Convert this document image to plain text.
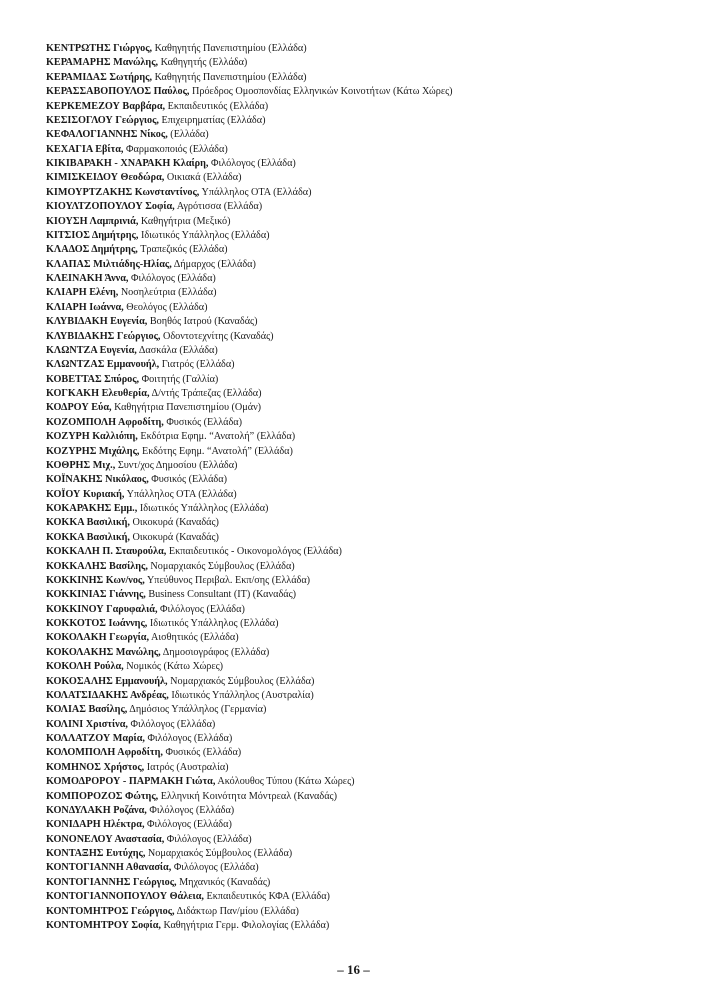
ΚΕΝΤΡΩΤΗΣ Γιώργος, Καθηγητής Πανεπιστημίου (Ελλάδα)
ΚΕΡΑΜΑΡΗΣ Μανώλης, Καθηγητής (Ελλάδα)
ΚΕΡΑΜΙΔΑΣ Σωτήρης, Καθηγητής Πανεπιστημίου (Ελλάδα)
ΚΕΡΑΣΣΑΒΟΠΟΥΛΟΣ Παύλος, Πρόεδρος Ομοσπονδίας Ελληνικών Κοινοτήτων (Κάτω Χώρες)
ΚΕΡΚΕΜΕΖΟΥ Βαρβάρα, Εκπαιδευτικός (Ελλάδα)
ΚΕΣΙΣΟΓΛΟΥ Γεώργιος, Επιχειρηματίας (Ελλάδα)
ΚΕΦΑΛΟΓΙΑΝΝΗΣ Νίκος, (Ελλάδα)
ΚΕΧΑΓΙΑ Εβίτα, Φαρμακοποιός (Ελλάδα)
ΚΙΚΙΒΑΡΑΚΗ - ΧΝΑΡΑΚΗ Κλαίρη, Φιλόλογος (Ελλάδα)
ΚΙΜΙΣΚΕΙΔΟΥ Θεοδώρα, Οικιακά (Ελλάδα)
ΚΙΜΟΥΡΤΖΑΚΗΣ Κωνσταντίνος, Υπάλληλος ΟΤΑ (Ελλάδα)
ΚΙΟΥΛΤΖΟΠΟΥΛΟΥ Σοφία, Αγρότισσα (Ελλάδα)
ΚΙΟΥΣΗ Λαμπρινιά, Καθηγήτρια (Μεξικό)
ΚΙΤΣΙΟΣ Δημήτρης, Ιδιωτικός Υπάλληλος (Ελλάδα)
ΚΛΑΔΟΣ Δημήτρης, Τραπεζικός (Ελλάδα)
ΚΛΑΠΑΣ Μιλτιάδης-Ηλίας, Δήμαρχος (Ελλάδα)
ΚΛΕΙΝΑΚΗ Άννα, Φιλόλογος (Ελλάδα)
ΚΛΙΑΡΗ Ελένη, Νοσηλεύτρια (Ελλάδα)
ΚΛΙΑΡΗ Ιωάννα, Θεολόγος (Ελλάδα)
ΚΛΥΒΙΔΑΚΗ Ευγενία, Βοηθός Ιατρού (Καναδάς)
ΚΛΥΒΙΔΑΚΗΣ Γεώργιος, Οδοντοτεχνίτης (Καναδάς)
ΚΛΩΝΤΖΑ Ευγενία, Δασκάλα (Ελλάδα)
ΚΛΩΝΤΖΑΣ Εμμανουήλ, Γιατρός (Ελλάδα)
ΚΟΒΕΤΤΑΣ Σπύρος, Φοιτητής (Γαλλία)
ΚΟΓΚΑΚΗ Ελευθερία, Δ/ντής Τράπεζας (Ελλάδα)
ΚΟΔΡΟΥ Εύα, Καθηγήτρια Πανεπιστημίου (Ομάν)
ΚΟΖΟΜΠΟΛΗ Αφροδίτη, Φυσικός (Ελλάδα)
ΚΟΖΥΡΗ Καλλιόπη, Εκδότρια Εφημ. “Ανατολή” (Ελλάδα)
ΚΟΖΥΡΗΣ Μιχάλης, Εκδότης Εφημ. “Ανατολή” (Ελλάδα)
ΚΟΘΡΗΣ Μιχ., Συντ/χος Δημοσίου (Ελλάδα)
ΚΟΪΝΑΚΗΣ Νικόλαος, Φυσικός (Ελλάδα)
ΚΟΪΟΥ Κυριακή, Υπάλληλος ΟΤΑ (Ελλάδα)
ΚΟΚΑΡΑΚΗΣ Εμμ., Ιδιωτικός Υπάλληλος (Ελλάδα)
ΚΟΚΚΑ Βασιλική, Οικοκυρά (Καναδάς)
ΚΟΚΚΑ Βασιλική, Οικοκυρά (Καναδάς)
ΚΟΚΚΑΛΗ Π. Σταυρούλα, Εκπαιδευτικός - Οικονομολόγος (Ελλάδα)
ΚΟΚΚΑΛΗΣ Βασίλης, Νομαρχιακός Σύμβουλος (Ελλάδα)
ΚΟΚΚΙΝΗΣ Κων/νος, Υπεύθυνος Περιβαλ. Εκπ/σης (Ελλάδα)
ΚΟΚΚΙΝΙΑΣ Γιάννης, Business Consultant (IT) (Καναδάς)
ΚΟΚΚΙΝΟΥ Γαρυφαλιά, Φιλόλογος (Ελλάδα)
ΚΟΚΚΟΤΟΣ Ιωάννης, Ιδιωτικός Υπάλληλος (Ελλάδα)
ΚΟΚΟΛΑΚΗ Γεωργία, Αισθητικός (Ελλάδα)
ΚΟΚΟΛΑΚΗΣ Μανώλης, Δημοσιογράφος (Ελλάδα)
ΚΟΚΟΛΗ Ρούλα, Νομικός (Κάτω Χώρες)
ΚΟΚΟΣΑΛΗΣ Εμμανουήλ, Νομαρχιακός Σύμβουλος (Ελλάδα)
ΚΟΛΑΤΣΙΔΑΚΗΣ Ανδρέας, Ιδιωτικός Υπάλληλος (Αυστραλία)
ΚΟΛΙΑΣ Βασίλης, Δημόσιος Υπάλληλος (Γερμανία)
ΚΟΛΙΝΙ Χριστίνα, Φιλόλογος (Ελλάδα)
ΚΟΛΛΑΤΖΟΥ Μαρία, Φιλόλογος (Ελλάδα)
ΚΟΛΟΜΠΟΛΗ Αφροδίτη, Φυσικός (Ελλάδα)
ΚΟΜΗΝΟΣ Χρήστος, Ιατρός (Αυστραλία)
ΚΟΜΟΔΡΟΡΟΥ - ΠΑΡΜΑΚΗ Γιώτα, Ακόλουθος Τύπου (Κάτω Χώρες)
ΚΟΜΠΟΡΟΖΟΣ Φώτης, Ελληνική Κοινότητα Μόντρεαλ (Καναδάς)
ΚΟΝΔΥΛΑΚΗ Ροζάνα, Φιλόλογος (Ελλάδα)
ΚΟΝΙΔΑΡΗ Ηλέκτρα, Φιλόλογος (Ελλάδα)
ΚΟΝΟΝΕΛΟΥ Αναστασία, Φιλόλογος (Ελλάδα)
ΚΟΝΤΑΞΗΣ Ευτύχης, Νομαρχιακός Σύμβουλος (Ελλάδα)
ΚΟΝΤΟΓΙΑΝΝΗ Αθανασία, Φιλόλογος (Ελλάδα)
ΚΟΝΤΟΓΙΑΝΝΗΣ Γεώργιος, Μηχανικός (Καναδάς)
ΚΟΝΤΟΓΙΑΝΝΟΠΟΥΛΟΥ Θάλεια, Εκπαιδευτικός ΚΦΑ (Ελλάδα)
ΚΟΝΤΟΜΗΤΡΟΣ Γεώργιος, Διδάκτωρ Παν/μίου (Ελλάδα)
ΚΟΝΤΟΜΗΤΡΟΥ Σοφία, Καθηγήτρια Γερμ. Φιλολογίας (Ελλάδα)
– 16 –
